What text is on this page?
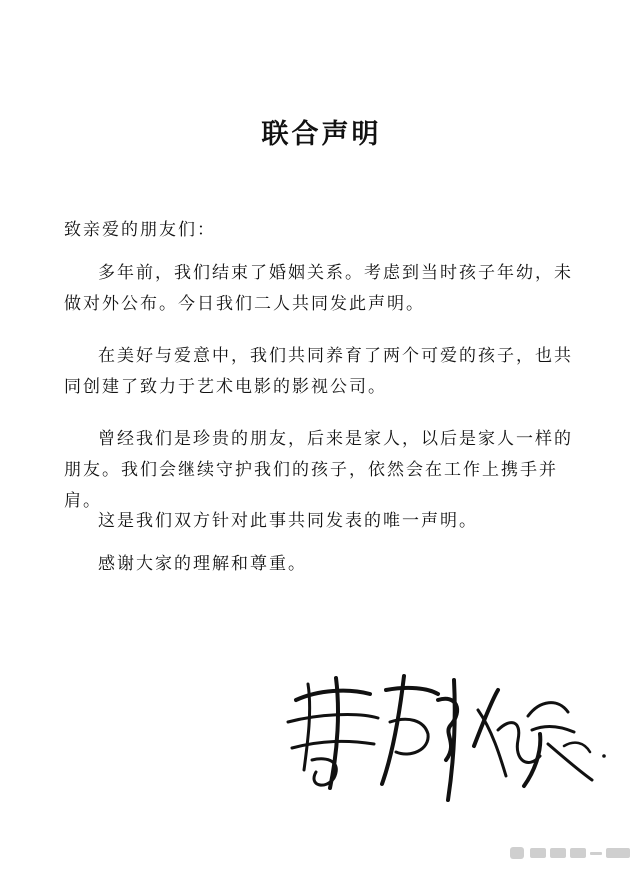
联合声明
致亲爱的朋友们：
多年前，我们结束了婚姻关系。考虑到当时孩子年幼，未做对外公布。今日我们二人共同发此声明。
在美好与爱意中，我们共同养育了两个可爱的孩子，也共同创建了致力于艺术电影的影视公司。
曾经我们是珍贵的朋友，后来是家人，以后是家人一样的朋友。我们会继续守护我们的孩子，依然会在工作上携手并肩。
这是我们双方针对此事共同发表的唯一声明。
感谢大家的理解和尊重。
